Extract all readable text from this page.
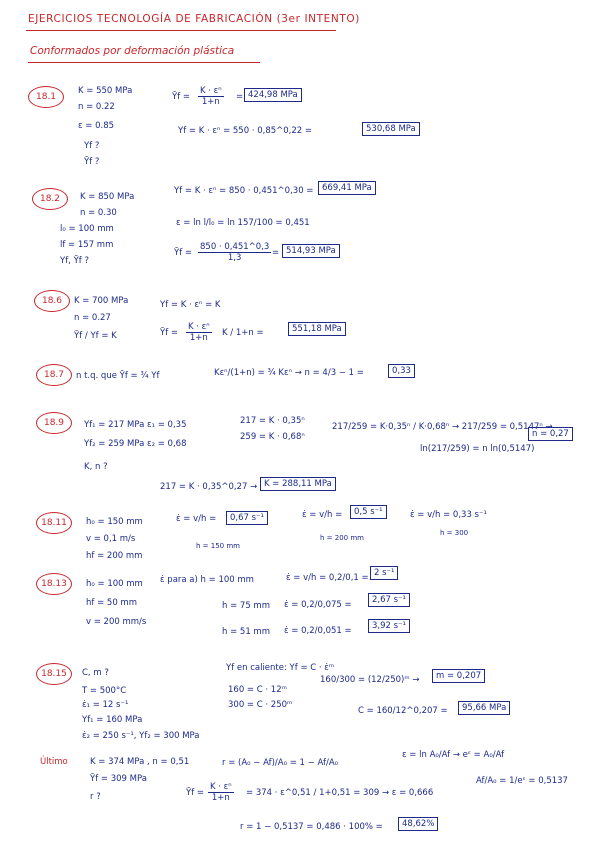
EJERCICIOS TECNOLOGÍA DE FABRICACIÓN (3er INTENTO)
Conformados por deformación plástica
18.1
K = 550 MPa
n = 0.22
ε = 0.85
Yf ?
Ȳf ?
Ȳf = $\frac{\text{K · εⁿ}}{1+n} = 424,98$ MPa
Yf = K · εⁿ = 550 · 0,85^0,22 =	530,68 MPa
18.2	K = 850 MPa
n = 0.30
l₀ = 100 mm
lf = 157 mm
Yf, Ȳf ?
Yf = K · εⁿ = 850 · 0,451^0,30 =	669,41 MPa
ε = ln l/l₀ = ln 157/100 = 0,451
Ȳf = $\frac{850 \cdot 0,451\^{}0,3}{1,3} = 514,93$ MPa
18.6	K = 700 MPa
n = 0.27
Ȳf / Yf = K
Yf = K · εⁿ = K
Ȳf = $\frac{\text{K · εⁿ}}{1+n}$ K / 1+n =	551,18 MPa
18.7	n t.q. que Ȳf = ¾ Yf	Kεⁿ/(1+n) = ¾ Kεⁿ → n = 4/3 − 1 =	0,33
18.9	Yf₁ = 217 MPa ε₁ = 0,35
Yf₂ = 259 MPa ε₂ = 0,68
K, n ?
217 = K · 0,35ⁿ
259 = K · 0,68ⁿ
217/259 = K·0,35ⁿ / K·0,68ⁿ → 217/259 = 0,5147ⁿ →
n = 0,27
ln(217/259) = n ln(0,5147)
217 = K · 0,35^0,27 → K = 288,11 MPa
18.11	h₀ = 150 mm
v = 0,1 m/s
hf = 200 mm
ε̇ = v/h =	0,67 s⁻¹
h = 150 mm
ε̇ = v/h =	0,5 s⁻¹
h = 200 mm
ε̇ = v/h = 0,33 s⁻¹
h = 300
18.13	h₀ = 100 mm
hf = 50 mm
v = 200 mm/s
ε̇ para a) h = 100 mm	ε̇ = v/h = 0,2/0,1 = 2 s⁻¹
h = 75 mm ε̇ = 0,2/0,075 =	2,67 s⁻¹
h = 51 mm ε̇ = 0,2/0,051 =	3,92 s⁻¹
18.15	C, m ?
T = 500°C
ε̇₁ = 12 s⁻¹
Yf₁ = 160 MPa
ε̇₂ = 250 s⁻¹, Yf₂ = 300 MPa
Yf en caliente: Yf = C · ε̇ᵐ
160 = C · 12ᵐ
300 = C · 250ᵐ
160/300 = (12/250)ᵐ →	m = 0,207
C = 160/12^0,207 =	95,66 MPa
Último	K = 374 MPa , n = 0,51
Ȳf = 309 MPa
r ?
r = (A₀ − Af)/A₀ = 1 − Af/A₀
Ȳf = $\frac{\text{K · εⁿ}}{1+n} = 374$ · ε^0,51 / 1+0,51 = 309 → ε = 0,666
ε = ln A₀/Af → eᵋ = A₀/Af
Af/A₀ = 1/eᵋ = 0,5137
r = 1 − 0,5137 = 0,486 · 100% =	48,62%
